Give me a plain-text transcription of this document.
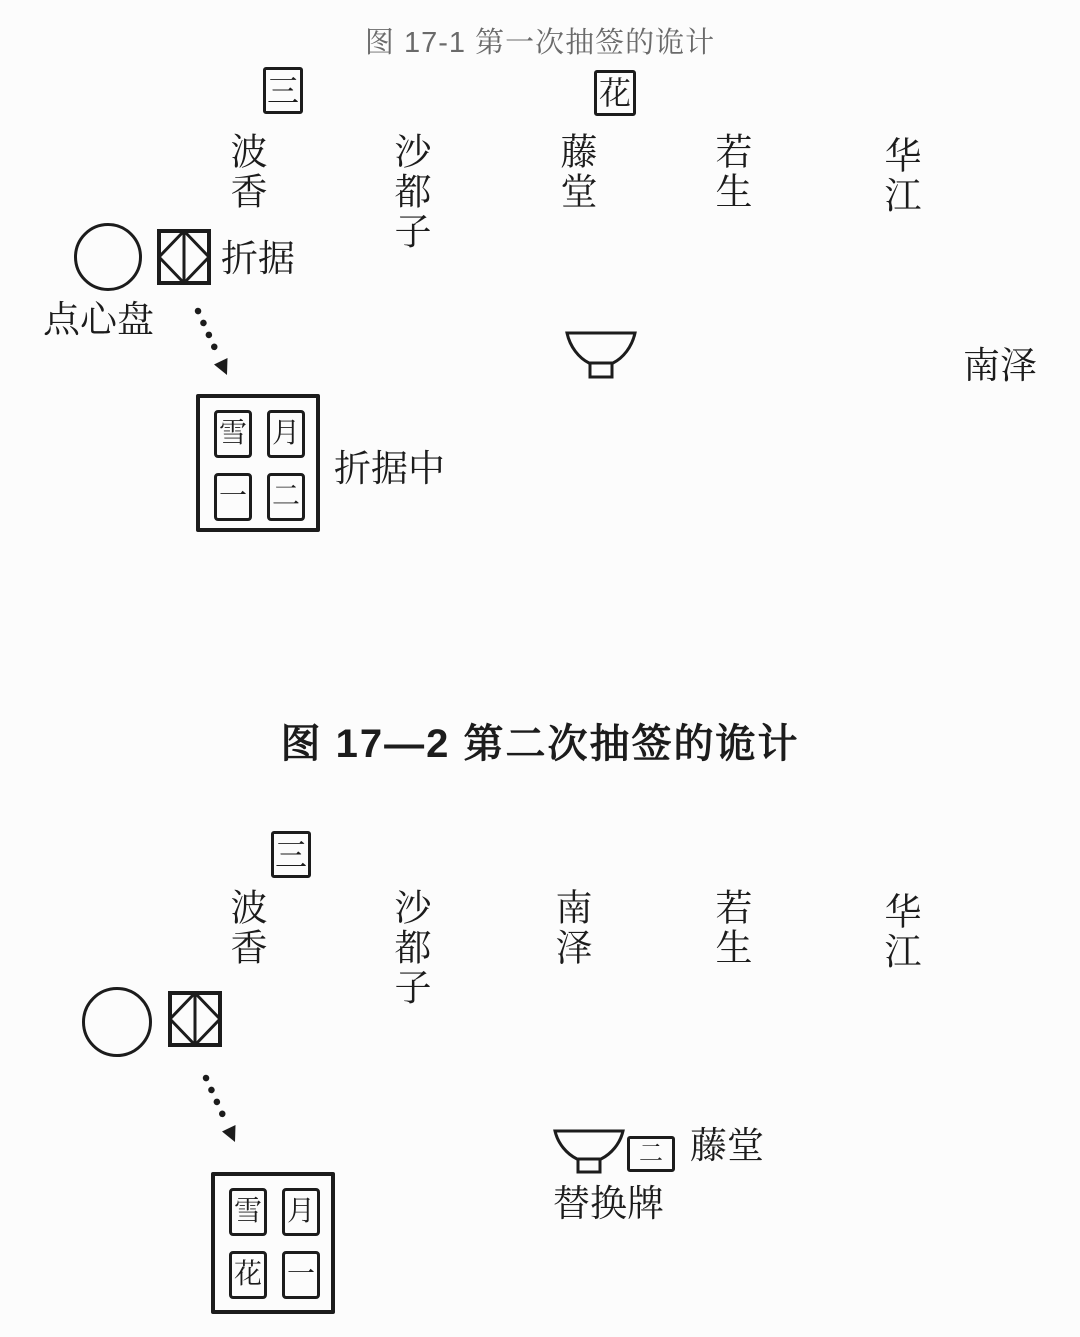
图 17-1 第一次抽签的诡计
三	花
波香	沙都子	藤堂	若生	华江
折据
点心盘
雪 月
一 二
折据中
南泽
图 17—2 第二次抽签的诡计
三
波香	沙都子	南泽	若生	华江
二 藤堂
替换牌
雪 月
花 一
